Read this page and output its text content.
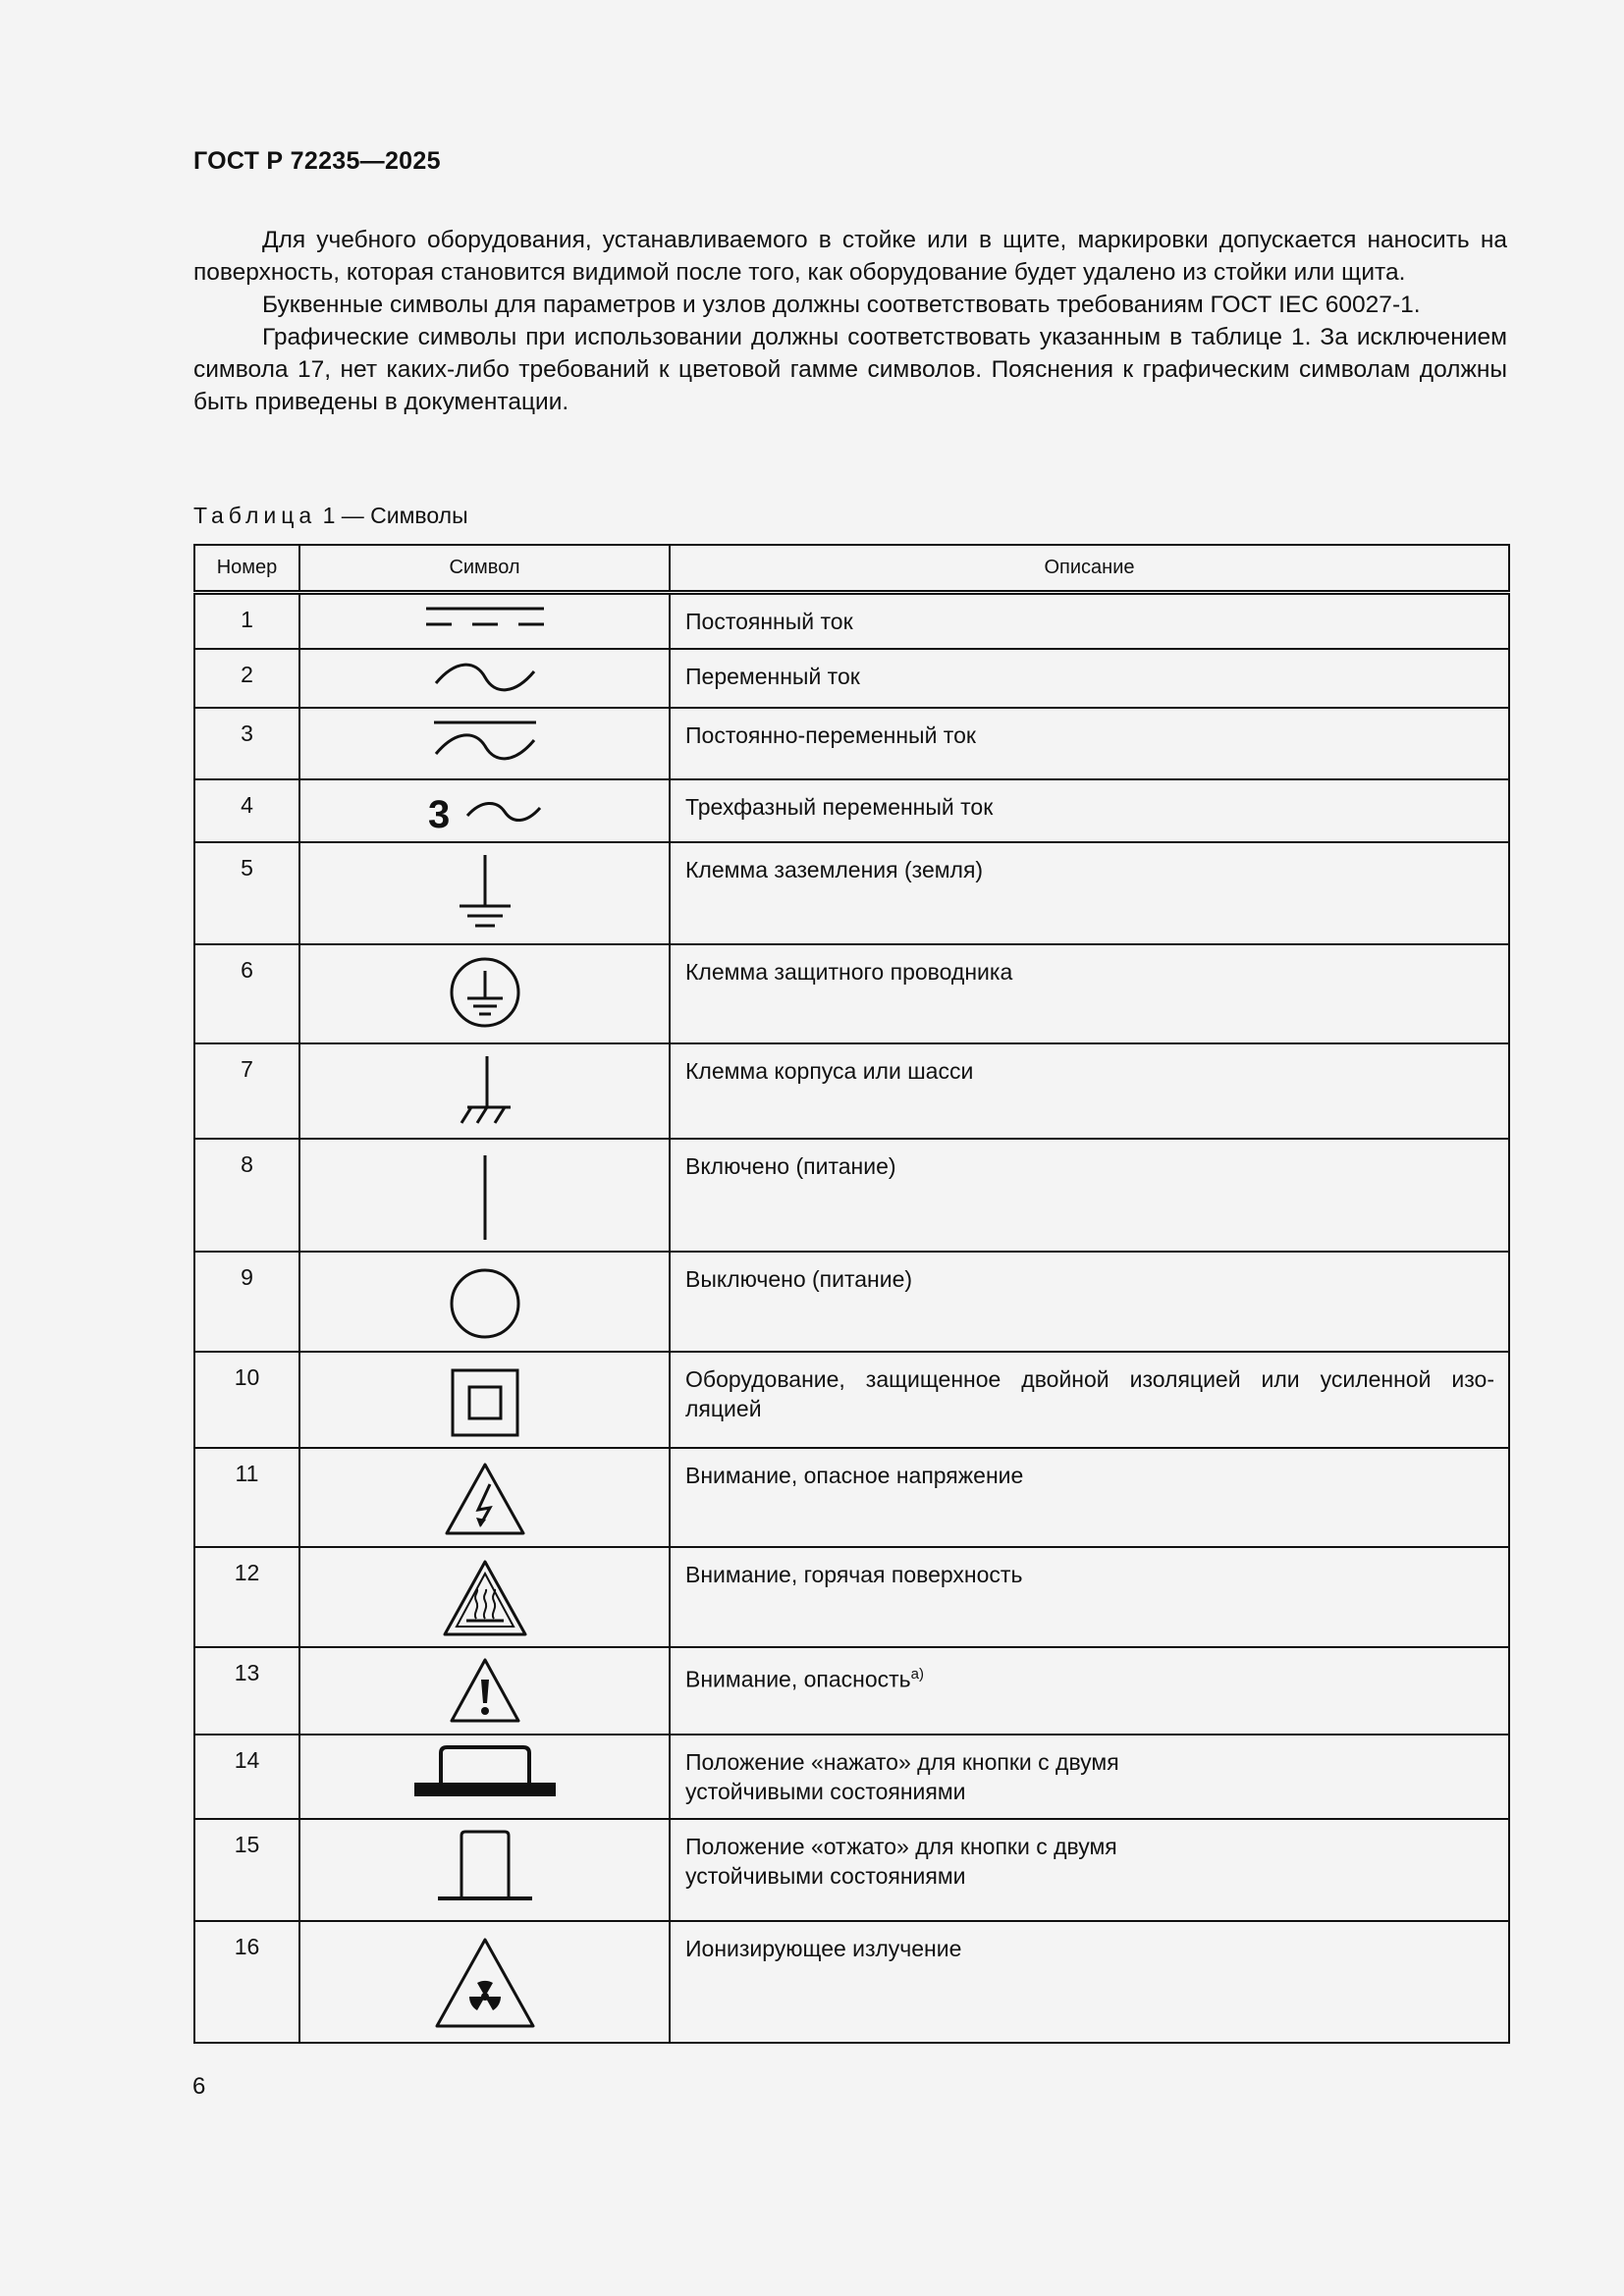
ГОСТ Р 72235—2025

Для учебного оборудования, устанавливаемого в стойке или в щите, маркировки допускается наносить на поверхность, которая становится видимой после того, как оборудование будет удалено из стойки или щита.

Буквенные символы для параметров и узлов должны соответствовать требованиям ГОСТ IEC 60027-1.

Графические символы при использовании должны соответствовать указанным в таблице 1. За исключением символа 17, нет каких-либо требований к цветовой гамме символов. Пояснения к графическим символам должны быть приведены в документации.

Таблица 1 — Символы
Номер	Символ	Описание
1		Постоянный ток
2		Переменный ток
3		Постоянно-переменный ток
4	3	Трехфазный переменный ток
5		Клемма заземления (земля)
6		Клемма защитного проводника
7		Клемма корпуса или шасси
8		Включено (питание)
9		Выключено (питание)
10		Оборудование, защищенное двойной изоляцией или усиленной изо-
ляцией

11		Внимание, опасное напряжение
12		Внимание, горячая поверхность
13		Внимание, опасность$^{а)}$
14		Положение «нажато» для кнопки с двумя
устойчивыми состояниями

15		Положение «отжато» для кнопки с двумя
устойчивыми состояниями

16		Ионизирующее излучение
6
